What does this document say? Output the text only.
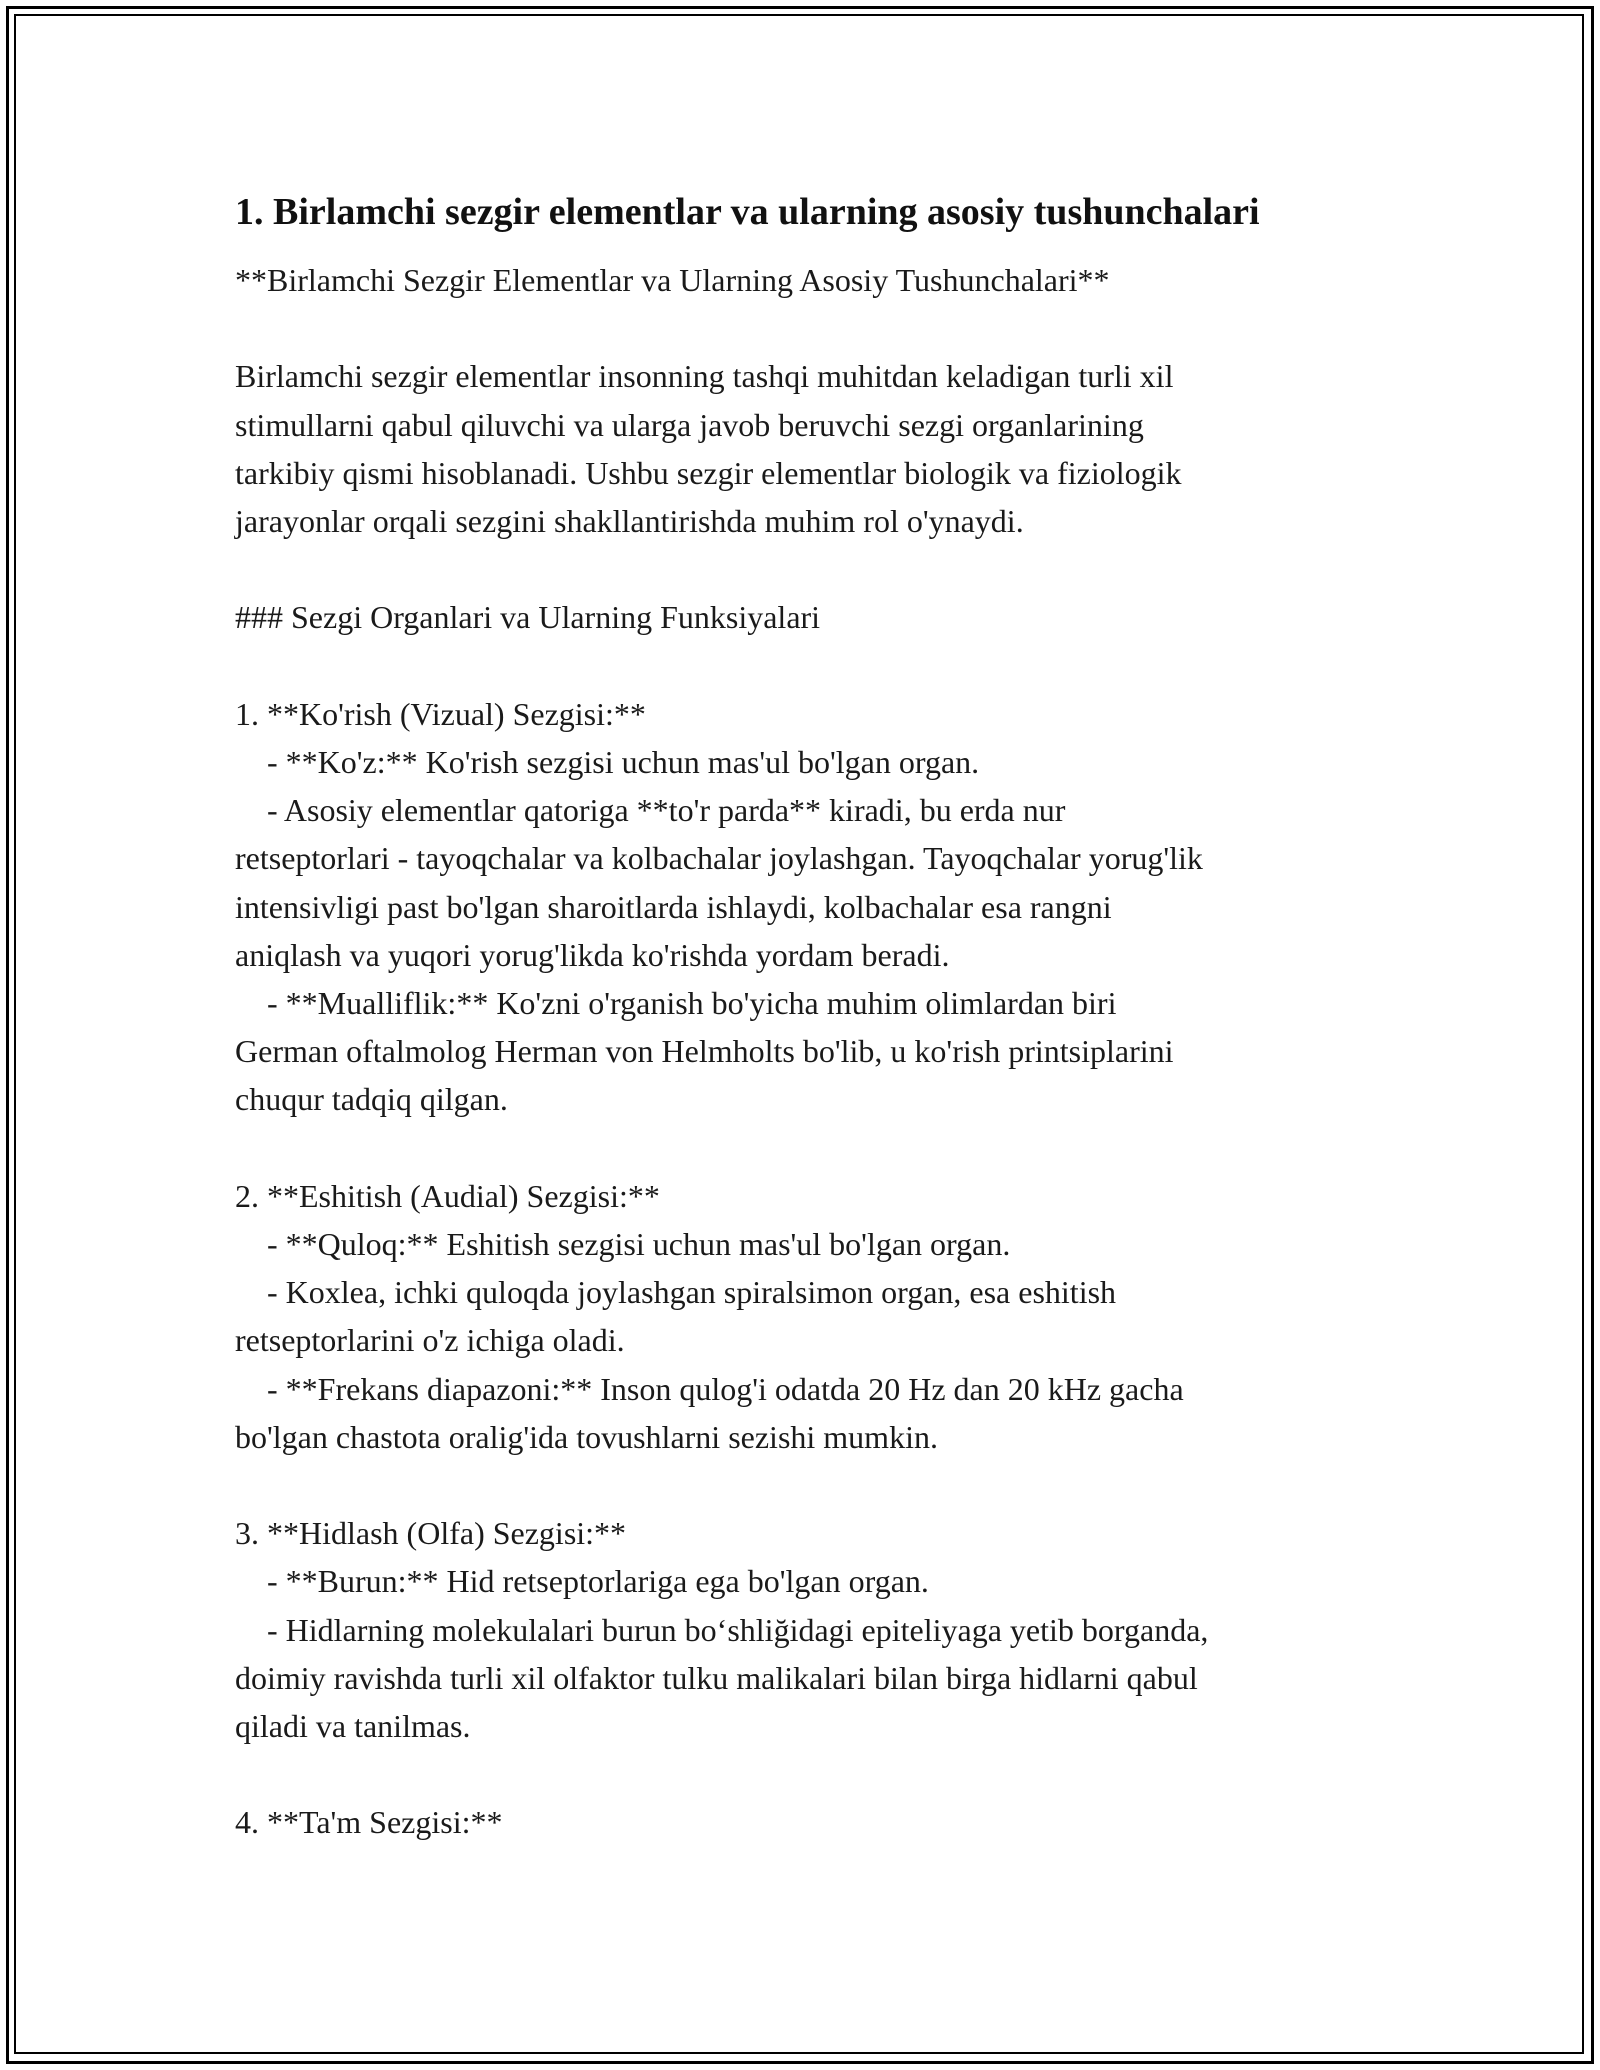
1. Birlamchi sezgir elementlar va ularning asosiy tushunchalari
**Birlamchi Sezgir Elementlar va Ularning Asosiy Tushunchalari**
Birlamchi sezgir elementlar insonning tashqi muhitdan keladigan turli xil
stimullarni qabul qiluvchi va ularga javob beruvchi sezgi organlarining
tarkibiy qismi hisoblanadi. Ushbu sezgir elementlar biologik va fiziologik
jarayonlar orqali sezgini shakllantirishda muhim rol o'ynaydi.
### Sezgi Organlari va Ularning Funksiyalari
1. **Ko'rish (Vizual) Sezgisi:**
- **Ko'z:** Ko'rish sezgisi uchun mas'ul bo'lgan organ.
- Asosiy elementlar qatoriga **to'r parda** kiradi, bu erda nur
retseptorlari - tayoqchalar va kolbachalar joylashgan. Tayoqchalar yorug'lik
intensivligi past bo'lgan sharoitlarda ishlaydi, kolbachalar esa rangni
aniqlash va yuqori yorug'likda ko'rishda yordam beradi.
- **Mualliflik:** Ko'zni o'rganish bo'yicha muhim olimlardan biri
German oftalmolog Herman von Helmholts bo'lib, u ko'rish printsiplarini
chuqur tadqiq qilgan.
2. **Eshitish (Audial) Sezgisi:**
- **Quloq:** Eshitish sezgisi uchun mas'ul bo'lgan organ.
- Koxlea, ichki quloqda joylashgan spiralsimon organ, esa eshitish
retseptorlarini o'z ichiga oladi.
- **Frekans diapazoni:** Inson qulog'i odatda 20 Hz dan 20 kHz gacha
bo'lgan chastota oralig'ida tovushlarni sezishi mumkin.
3. **Hidlash (Olfa) Sezgisi:**
- **Burun:** Hid retseptorlariga ega bo'lgan organ.
- Hidlarning molekulalari burun bo‘shliğidagi epiteliyaga yetib borganda,
doimiy ravishda turli xil olfaktor tulku malikalari bilan birga hidlarni qabul
qiladi va tanilmas.
4. **Ta'm Sezgisi:**
